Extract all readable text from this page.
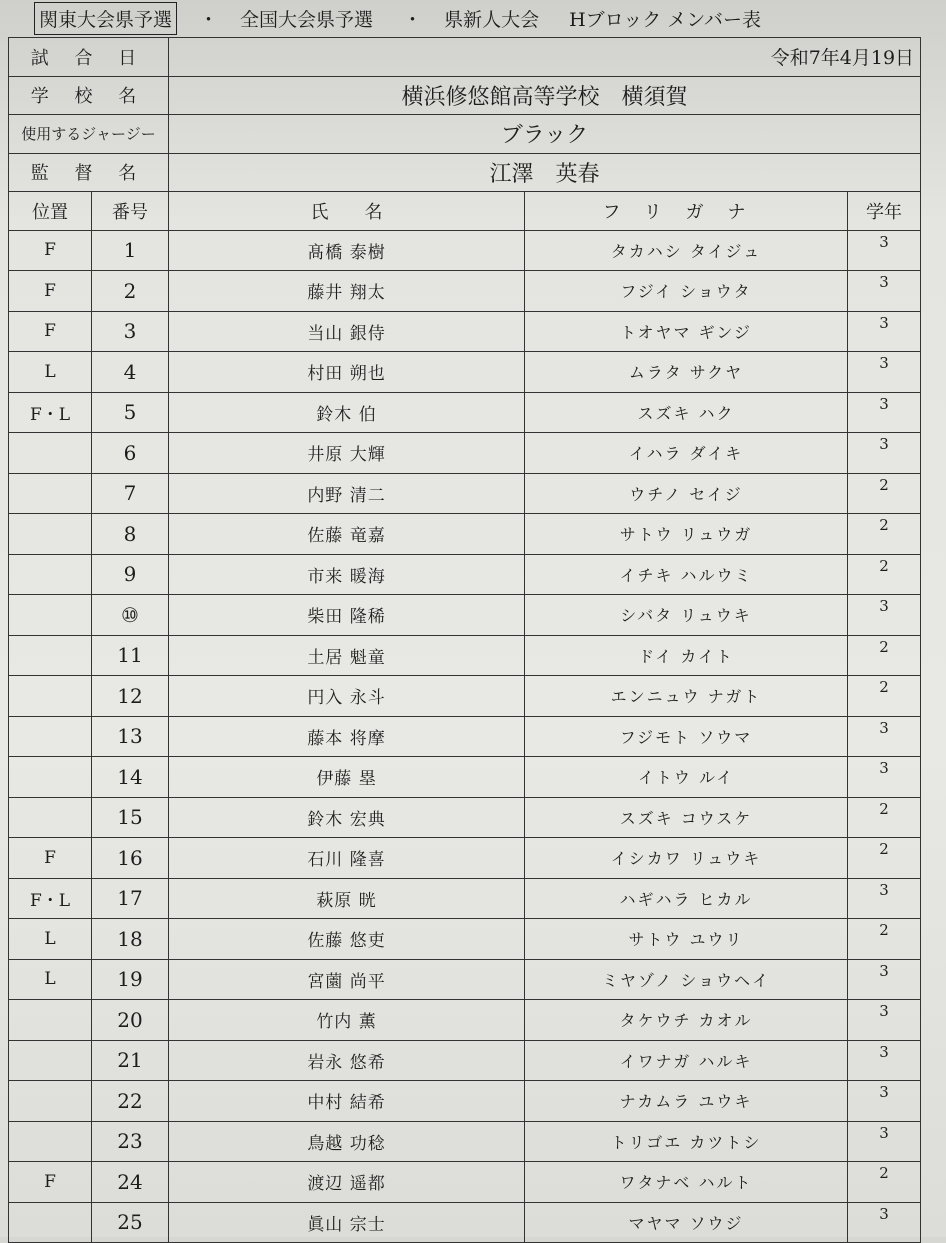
関東大会県予選 ・ 全国大会県予選 ・ 県新人大会 Hブロック メンバー表
試 合 日		令和7年4月19日		
学 校 名		横浜修悠館高等学校　横須賀		
使用するジャージー		ブラック		
監 督 名		江澤　英春		
位置	番号	氏　　名	フリガナ	学年
F	1	髙橋 泰樹	タカハシ タイジュ	3
F	2	藤井 翔太	フジイ ショウタ	3
F	3	当山 銀侍	トオヤマ ギンジ	3
L	4	村田 朔也	ムラタ サクヤ	3
F・L	5	鈴木 伯	スズキ ハク	3
	6	井原 大輝	イハラ ダイキ	3
	7	内野 清二	ウチノ セイジ	2
	8	佐藤 竜嘉	サトウ リュウガ	2
	9	市来 暖海	イチキ ハルウミ	2
	⑩	柴田 隆稀	シバタ リュウキ	3
	11	土居 魁童	ドイ カイト	2
	12	円入 永斗	エンニュウ ナガト	2
	13	藤本 将摩	フジモト ソウマ	3
	14	伊藤 塁	イトウ ルイ	3
	15	鈴木 宏典	スズキ コウスケ	2
F	16	石川 隆喜	イシカワ リュウキ	2
F・L	17	萩原 晄	ハギハラ ヒカル	3
L	18	佐藤 悠吏	サトウ ユウリ	2
L	19	宮薗 尚平	ミヤゾノ ショウヘイ	3
	20	竹内 薫	タケウチ カオル	3
	21	岩永 悠希	イワナガ ハルキ	3
	22	中村 結希	ナカムラ ユウキ	3
	23	鳥越 功稔	トリゴエ カツトシ	3
F	24	渡辺 遥都	ワタナベ ハルト	2
	25	眞山 宗士	マヤマ ソウジ	3
